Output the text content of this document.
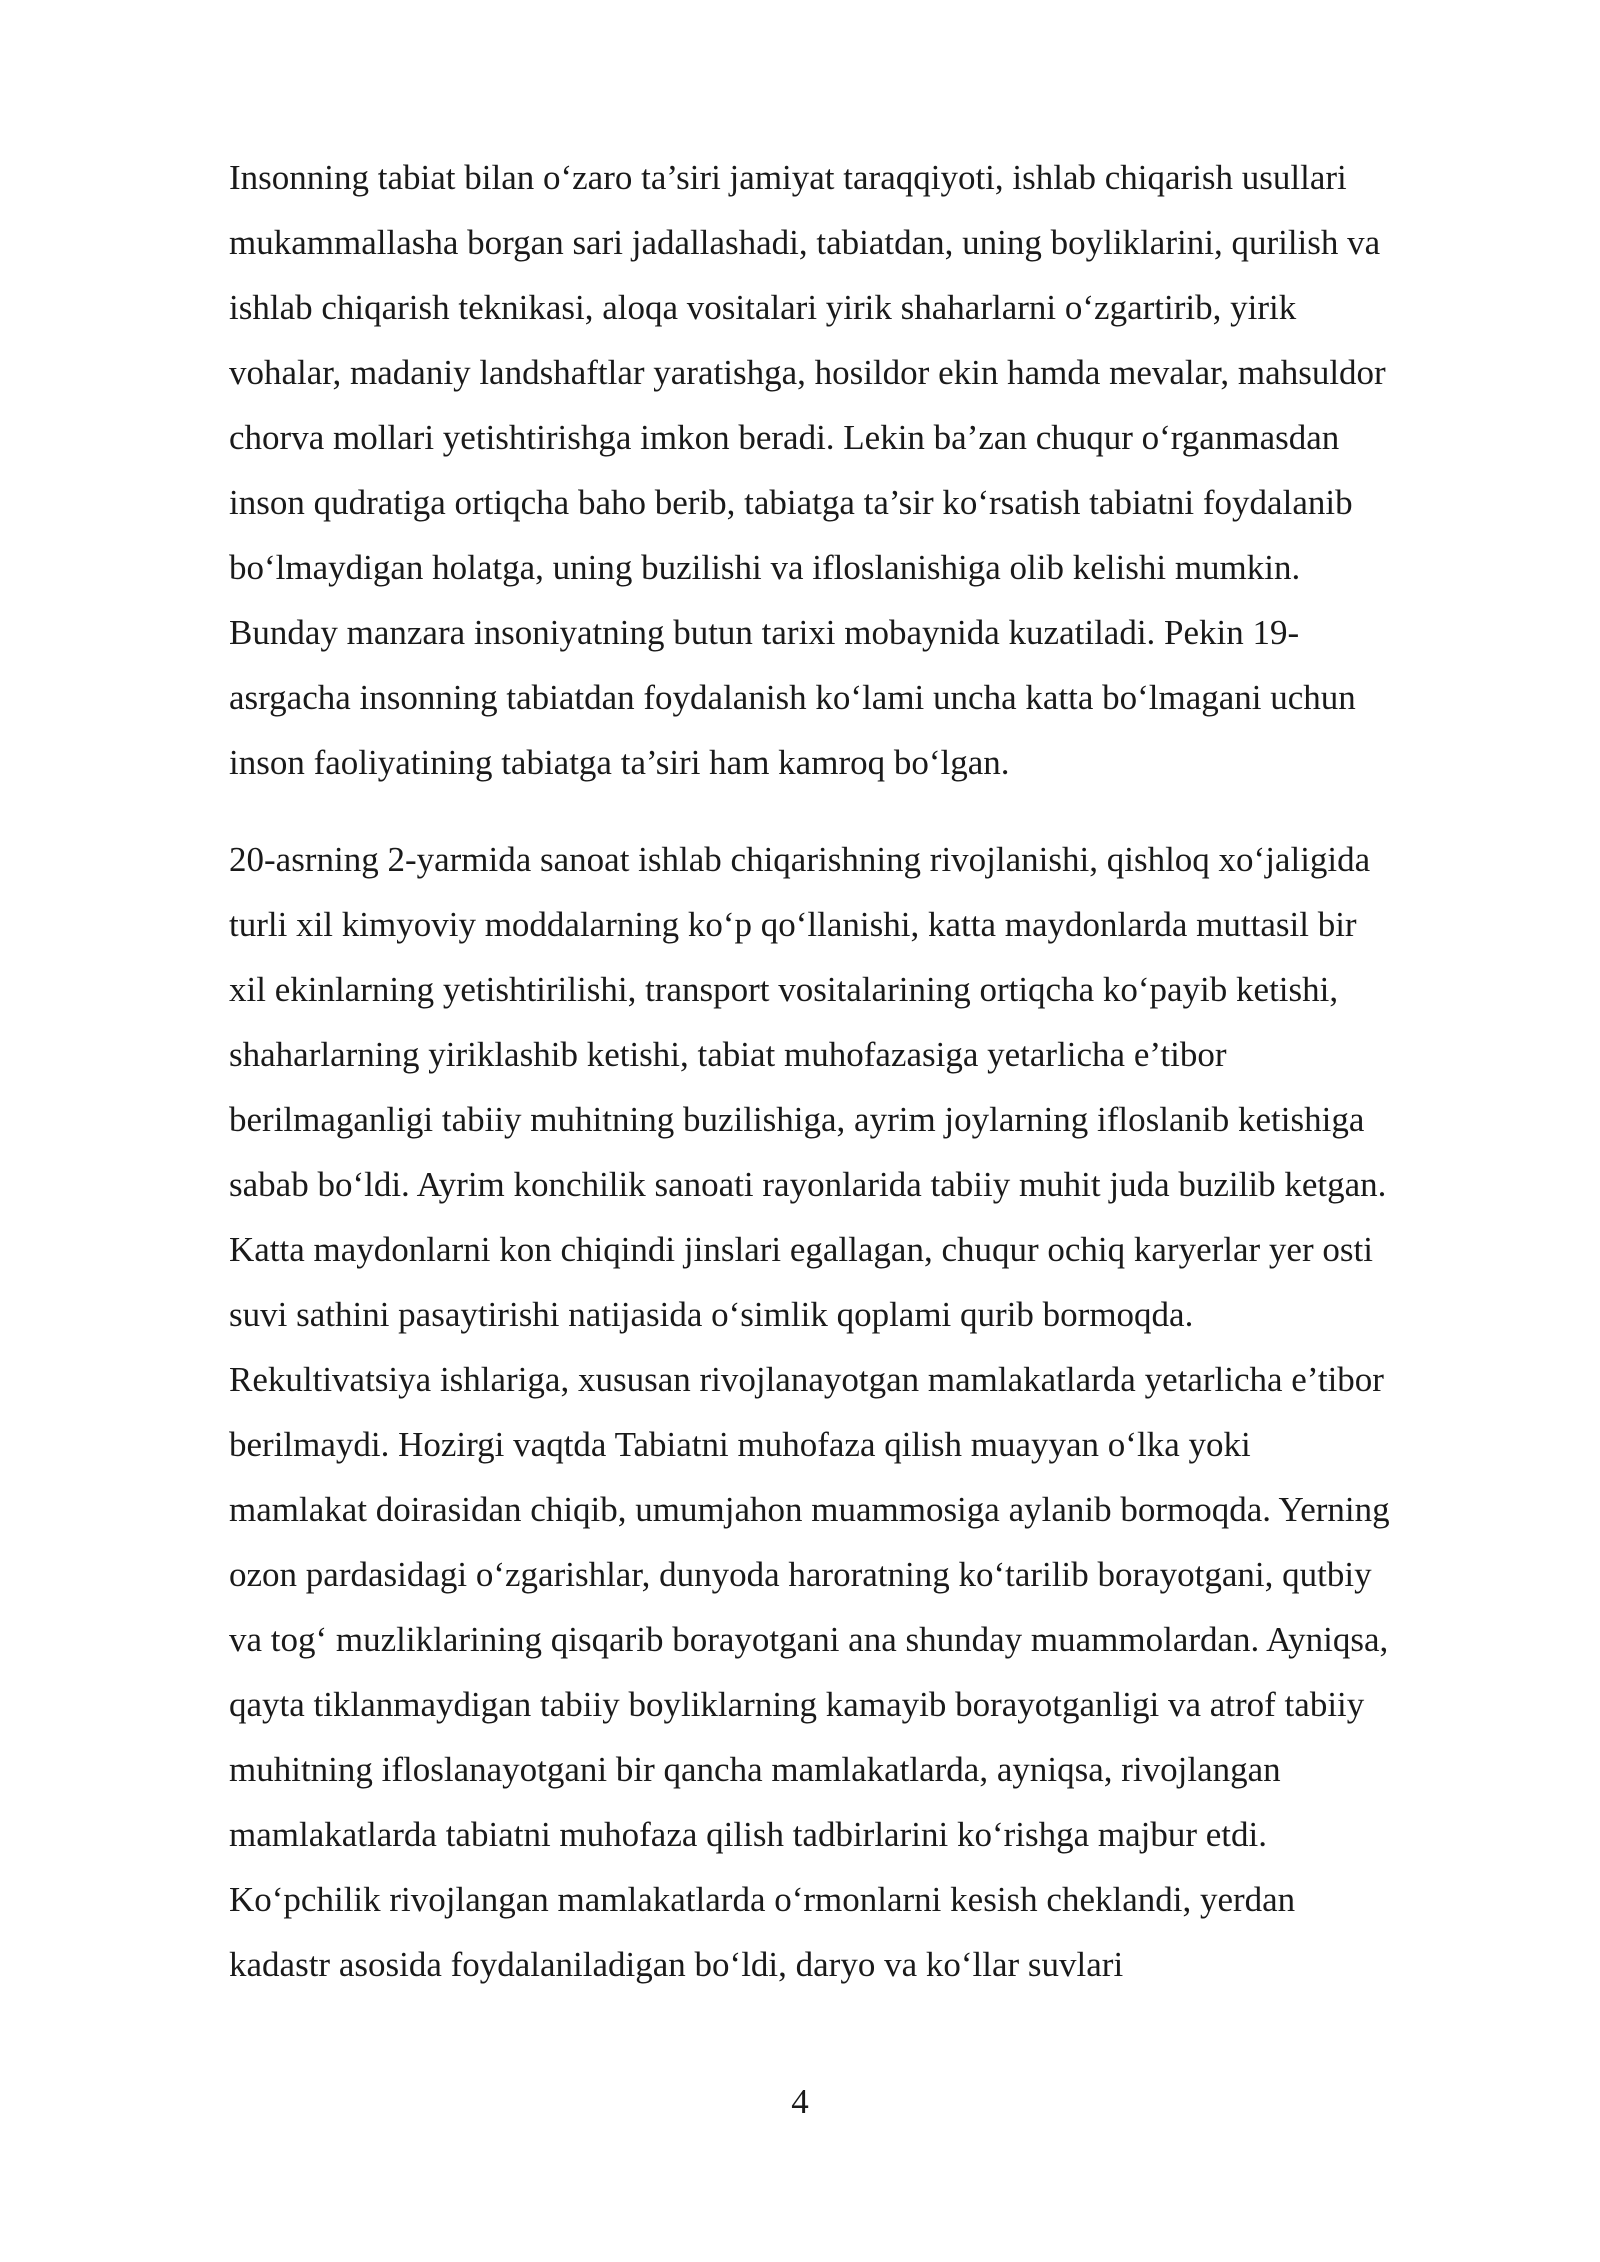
Insonning tabiat bilan o‘zaro ta’siri jamiyat taraqqiyoti, ishlab chiqarish usullari
mukammallasha borgan sari jadallashadi, tabiatdan, uning boyliklarini, qurilish va
ishlab chiqarish teknikasi, aloqa vositalari yirik shaharlarni o‘zgartirib, yirik
vohalar, madaniy landshaftlar yaratishga, hosildor ekin hamda mevalar, mahsuldor
chorva mollari yetishtirishga imkon beradi. Lekin ba’zan chuqur o‘rganmasdan
inson qudratiga ortiqcha baho berib, tabiatga ta’sir ko‘rsatish tabiatni foydalanib
bo‘lmaydigan holatga, uning buzilishi va ifloslanishiga olib kelishi mumkin.
Bunday manzara insoniyatning butun tarixi mobaynida kuzatiladi. Pekin 19-
asrgacha insonning tabiatdan foydalanish ko‘lami uncha katta bo‘lmagani uchun
inson faoliyatining tabiatga ta’siri ham kamroq bo‘lgan.

20-asrning 2-yarmida sanoat ishlab chiqarishning rivojlanishi, qishloq xo‘jaligida
turli xil kimyoviy moddalarning ko‘p qo‘llanishi, katta maydonlarda muttasil bir
xil ekinlarning yetishtirilishi, transport vositalarining ortiqcha ko‘payib ketishi,
shaharlarning yiriklashib ketishi, tabiat muhofazasiga yetarlicha e’tibor
berilmaganligi tabiiy muhitning buzilishiga, ayrim joylarning ifloslanib ketishiga
sabab bo‘ldi. Ayrim konchilik sanoati rayonlarida tabiiy muhit juda buzilib ketgan.
Katta maydonlarni kon chiqindi jinslari egallagan, chuqur ochiq karyerlar yer osti
suvi sathini pasaytirishi natijasida o‘simlik qoplami qurib bormoqda.
Rekultivatsiya ishlariga, xususan rivojlanayotgan mamlakatlarda yetarlicha e’tibor
berilmaydi. Hozirgi vaqtda Tabiatni muhofaza qilish muayyan o‘lka yoki
mamlakat doirasidan chiqib, umumjahon muammosiga aylanib bormoqda. Yerning
ozon pardasidagi o‘zgarishlar, dunyoda haroratning ko‘tarilib borayotgani, qutbiy
va tog‘ muzliklarining qisqarib borayotgani ana shunday muammolardan. Ayniqsa,
qayta tiklanmaydigan tabiiy boyliklarning kamayib borayotganligi va atrof tabiiy
muhitning ifloslanayotgani bir qancha mamlakatlarda, ayniqsa, rivojlangan
mamlakatlarda tabiatni muhofaza qilish tadbirlarini ko‘rishga majbur etdi.
Ko‘pchilik rivojlangan mamlakatlarda o‘rmonlarni kesish cheklandi, yerdan
kadastr asosida foydalaniladigan bo‘ldi, daryo va ko‘llar suvlari

4
